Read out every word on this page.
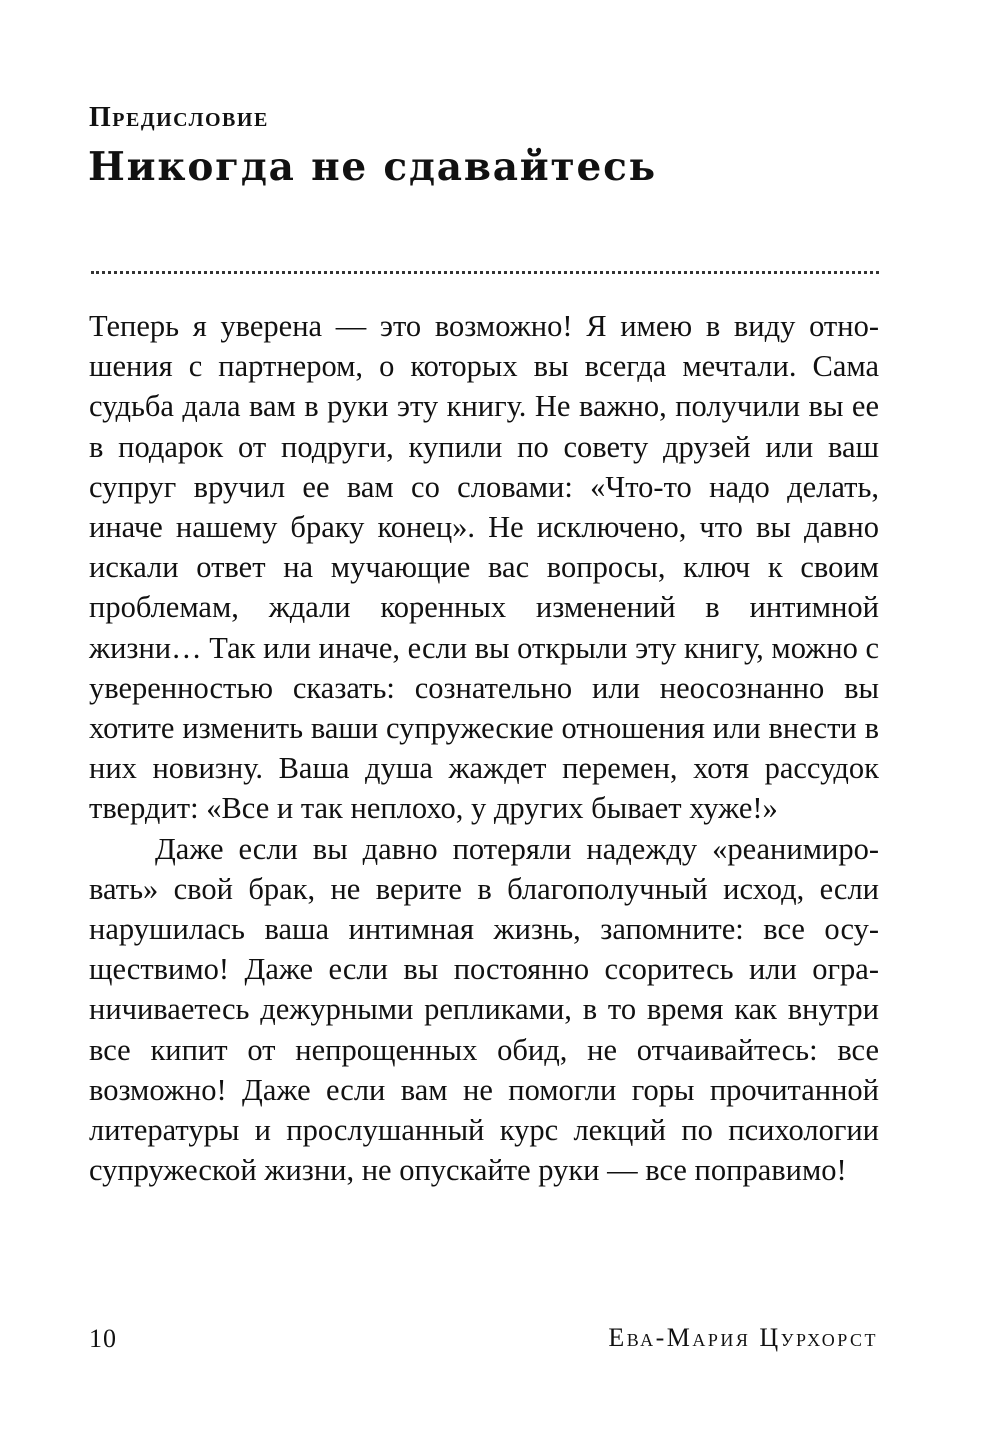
Предисловие
Никогда не сдавайтесь

Теперь я уверена — это возможно! Я имею в виду отношения с партнером, о которых вы всегда мечтали. Сама судьба дала вам в руки эту книгу. Не важно, получили вы ее в подарок от подруги, купили по совету друзей или ваш супруг вручил ее вам со словами: «Что-то надо делать, иначе нашему браку конец». Не исключено, что вы давно искали ответ на мучающие вас вопросы, ключ к своим проблемам, ждали коренных изменений в интимной жизни… Так или иначе, если вы открыли эту книгу, можно с уверенностью сказать: сознательно или неосознанно вы хотите изменить ваши супружеские отношения или внести в них новизну. Ваша душа жаждет перемен, хотя рассудок твердит: «Все и так неплохо, у других бывает хуже!»

Даже если вы давно потеряли надежду «реанимировать» свой брак, не верите в благополучный исход, если нарушилась ваша интимная жизнь, запомните: все осуществимо! Даже если вы постоянно ссоритесь или ограничиваетесь дежурными репликами, в то время как внутри все кипит от непрощенных обид, не отчаивайтесь: все возможно! Даже если вам не помогли горы прочитанной литературы и прослушанный курс лекций по психологии супружеской жизни, не опускайте руки — все поправимо!

10	Ева-Мария Цурхорст
